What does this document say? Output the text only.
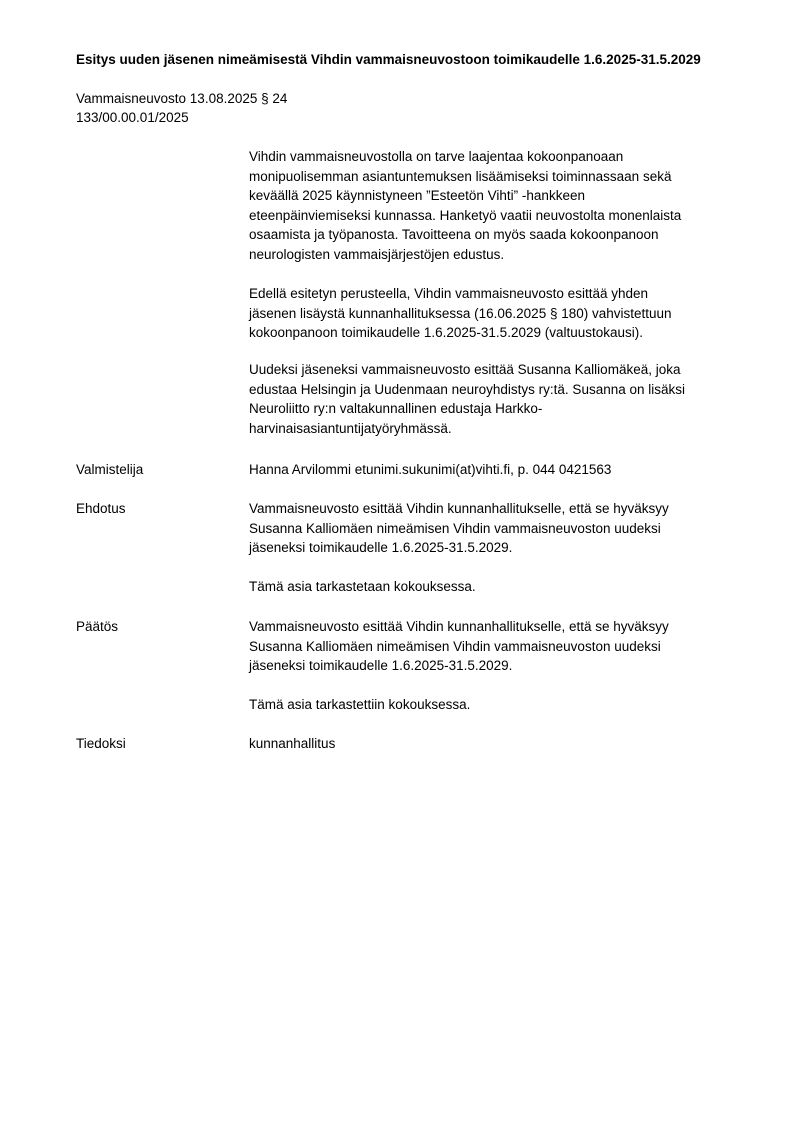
Esitys uuden jäsenen nimeämisestä Vihdin vammaisneuvostoon toimikaudelle 1.6.2025-31.5.2029
Vammaisneuvosto 13.08.2025 § 24
133/00.00.01/2025
Vihdin vammaisneuvostolla on tarve laajentaa kokoonpanoaan
monipuolisemman asiantuntemuksen lisäämiseksi toiminnassaan sekä
keväällä 2025 käynnistyneen ”Esteetön Vihti” -hankkeen
eteenpäinviemiseksi kunnassa. Hanketyö vaatii neuvostolta monenlaista
osaamista ja työpanosta. Tavoitteena on myös saada kokoonpanoon
neurologisten vammaisjärjestöjen edustus.
Edellä esitetyn perusteella, Vihdin vammaisneuvosto esittää yhden
jäsenen lisäystä kunnanhallituksessa (16.06.2025 § 180) vahvistettuun
kokoonpanoon toimikaudelle 1.6.2025-31.5.2029 (valtuustokausi).
Uudeksi jäseneksi vammaisneuvosto esittää Susanna Kalliomäkeä, joka
edustaa Helsingin ja Uudenmaan neuroyhdistys ry:tä. Susanna on lisäksi
Neuroliitto ry:n valtakunnallinen edustaja Harkko-
harvinaisasiantuntijatyöryhmässä.
Valmistelija	Hanna Arvilommi etunimi.sukunimi(at)vihti.fi, p. 044 0421563
Ehdotus	Vammaisneuvosto esittää Vihdin kunnanhallitukselle, että se hyväksyy
Susanna Kalliomäen nimeämisen Vihdin vammaisneuvoston uudeksi
jäseneksi toimikaudelle 1.6.2025-31.5.2029.
Tämä asia tarkastetaan kokouksessa.
Päätös	Vammaisneuvosto esittää Vihdin kunnanhallitukselle, että se hyväksyy
Susanna Kalliomäen nimeämisen Vihdin vammaisneuvoston uudeksi
jäseneksi toimikaudelle 1.6.2025-31.5.2029.
Tämä asia tarkastettiin kokouksessa.
Tiedoksi	kunnanhallitus
